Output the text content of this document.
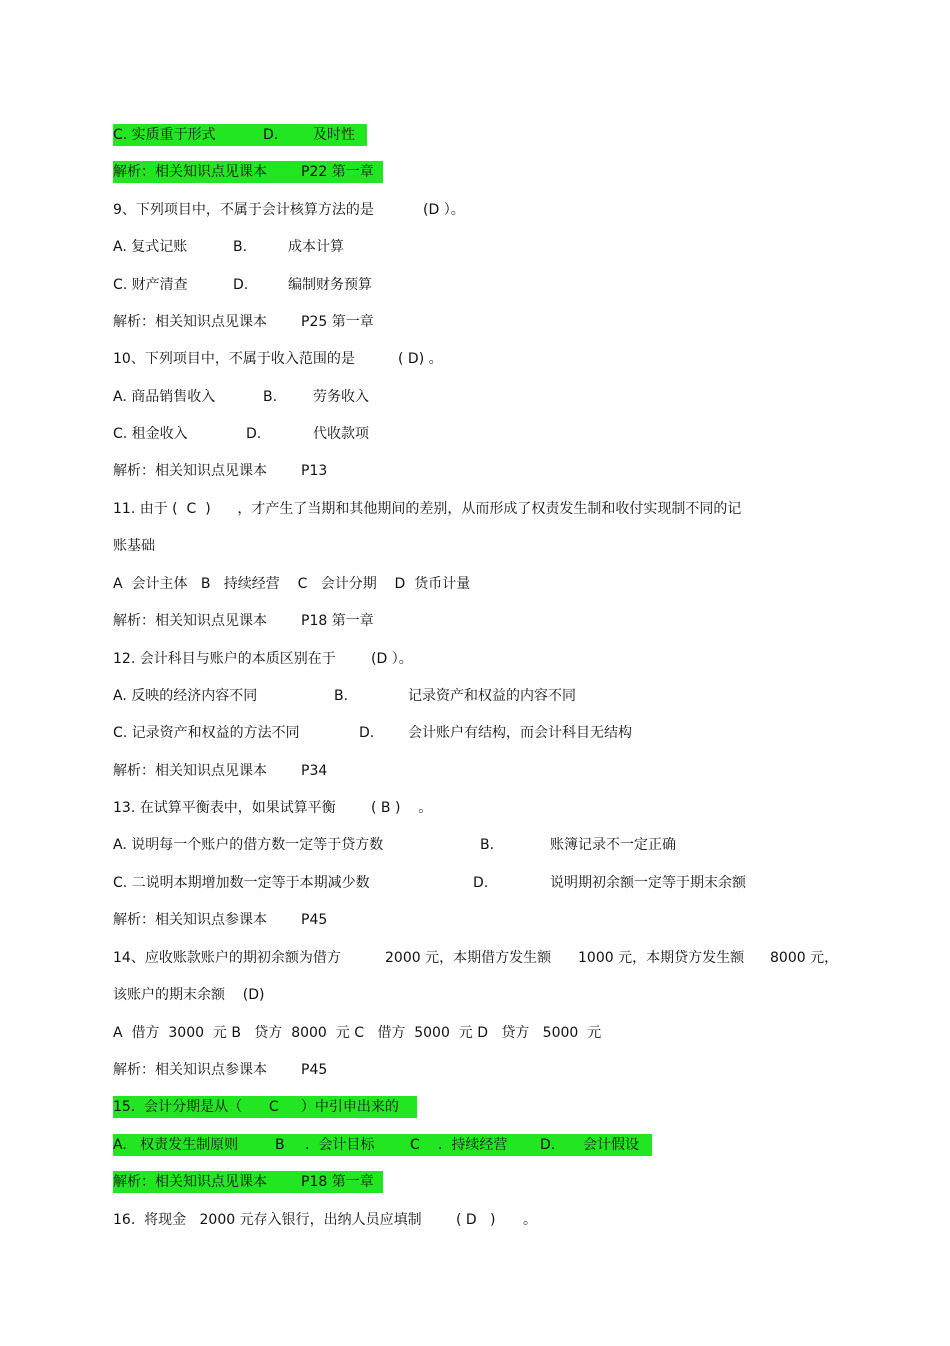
C. 实质重于形式	D. 及时性
解析：相关知识点见课本 P22 第一章
9、下列项目中，不属于会计核算方法的是	(D ）。
A. 复式记账	B.	成本计算
C. 财产清查	D.	编制财务预算
解析：相关知识点见课本 P25 第一章
10、下列项目中，不属于收入范围的是	( D) 。
A. 商品销售收入	B.	劳务收入
C. 租金收入	D.	代收款项
解析：相关知识点见课本 P13
11. 由于 (  C  )      ，才产生了当期和其他期间的差别，从而形成了权责发生制和收付实现制不同的记
账基础
A  会计主体   B   持续经营    C   会计分期    D  货币计量
解析：相关知识点见课本 P18 第一章
12. 会计科目与账户的本质区别在于	(D ）。
A. 反映的经济内容不同	B.	记录资产和权益的内容不同
C. 记录资产和权益的方法不同	D. 会计账户有结构，而会计科目无结构
解析：相关知识点见课本 P34
13. 在试算平衡表中，如果试算平衡	( B )    。
A. 说明每一个账户的借方数一定等于贷方数	B.	账簿记录不一定正确
C. 二说明本期增加数一定等于本期减少数	D.	说明期初余额一定等于期末余额
解析：相关知识点参课本 P45
14、应收账款账户的期初余额为借方	2000 元，本期借方发生额 1000 元，本期贷方发生额 8000 元，
该账户的期末余额    (D)
A  借方  3000  元 B   贷方  8000  元 C   借方  5000  元 D   贷方   5000  元
解析：相关知识点参课本 P45
15.  会计分期是从（      C     ）中引申出来的
A.   权责发生制原则	B .  会计目标	C .  持续经营 D. 会计假设
解析：相关知识点见课本 P18 第一章
16.  将现金   2000 元存入银行，出纳人员应填制 ( D   ) 。
